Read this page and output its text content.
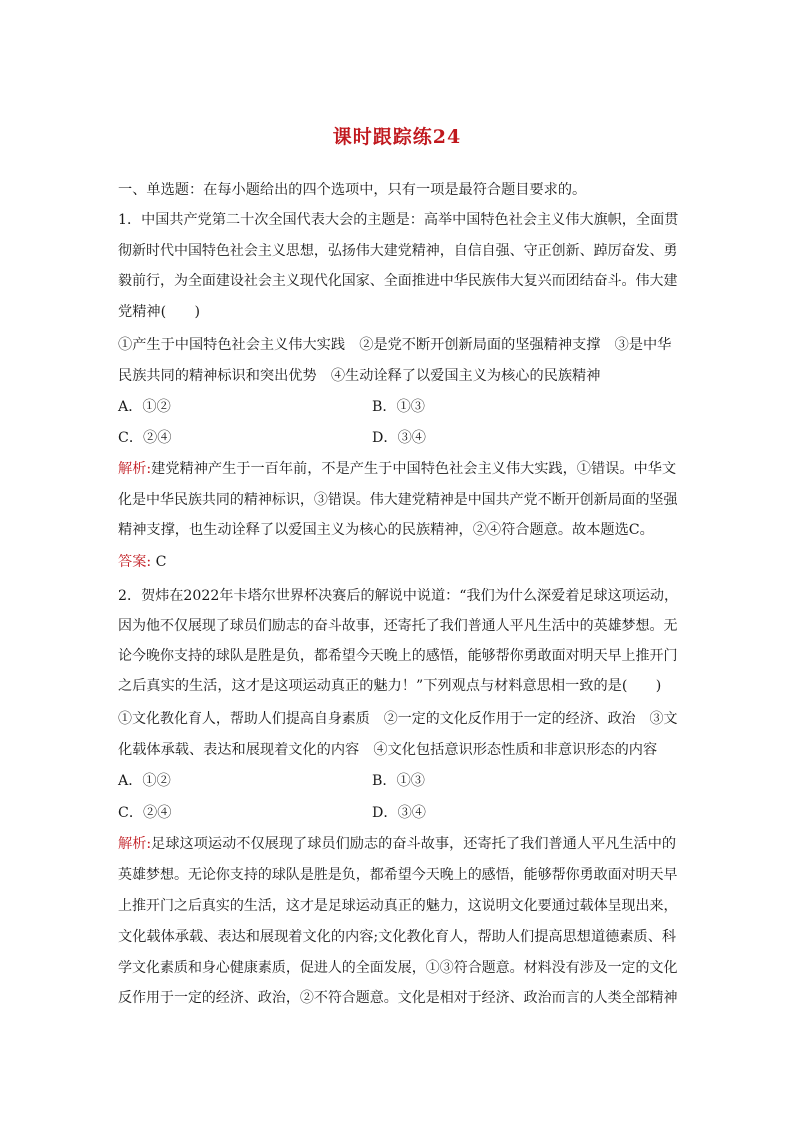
课时跟踪练24
一、单选题：在每小题给出的四个选项中，只有一项是最符合题目要求的。
1．中国共产党第二十次全国代表大会的主题是：高举中国特色社会主义伟大旗帜，全面贯
彻新时代中国特色社会主义思想，弘扬伟大建党精神，自信自强、守正创新、踔厉奋发、勇
毅前行，为全面建设社会主义现代化国家、全面推进中华民族伟大复兴而团结奋斗。伟大建
党精神(　　)
①产生于中国特色社会主义伟大实践　②是党不断开创新局面的坚强精神支撑　③是中华
民族共同的精神标识和突出优势　④生动诠释了以爱国主义为核心的民族精神
A．①②	B．①③
C．②④	D．③④
解析:建党精神产生于一百年前，不是产生于中国特色社会主义伟大实践，①错误。中华文
化是中华民族共同的精神标识，③错误。伟大建党精神是中国共产党不断开创新局面的坚强
精神支撑，也生动诠释了以爱国主义为核心的民族精神，②④符合题意。故本题选C。
答案: C
2．贺炜在2022年卡塔尔世界杯决赛后的解说中说道：“我们为什么深爱着足球这项运动，
因为他不仅展现了球员们励志的奋斗故事，还寄托了我们普通人平凡生活中的英雄梦想。无
论今晚你支持的球队是胜是负，都希望今天晚上的感悟，能够帮你勇敢面对明天早上推开门
之后真实的生活，这才是这项运动真正的魅力！”下列观点与材料意思相一致的是(　　)
①文化教化育人，帮助人们提高自身素质　②一定的文化反作用于一定的经济、政治　③文
化载体承载、表达和展现着文化的内容　④文化包括意识形态性质和非意识形态的内容
A．①②	B．①③
C．②④	D．③④
解析:足球这项运动不仅展现了球员们励志的奋斗故事，还寄托了我们普通人平凡生活中的
英雄梦想。无论你支持的球队是胜是负，都希望今天晚上的感悟，能够帮你勇敢面对明天早
上推开门之后真实的生活，这才是足球运动真正的魅力，这说明文化要通过载体呈现出来，
文化载体承载、表达和展现着文化的内容;文化教化育人，帮助人们提高思想道德素质、科
学文化素质和身心健康素质，促进人的全面发展，①③符合题意。材料没有涉及一定的文化
反作用于一定的经济、政治，②不符合题意。文化是相对于经济、政治而言的人类全部精神
